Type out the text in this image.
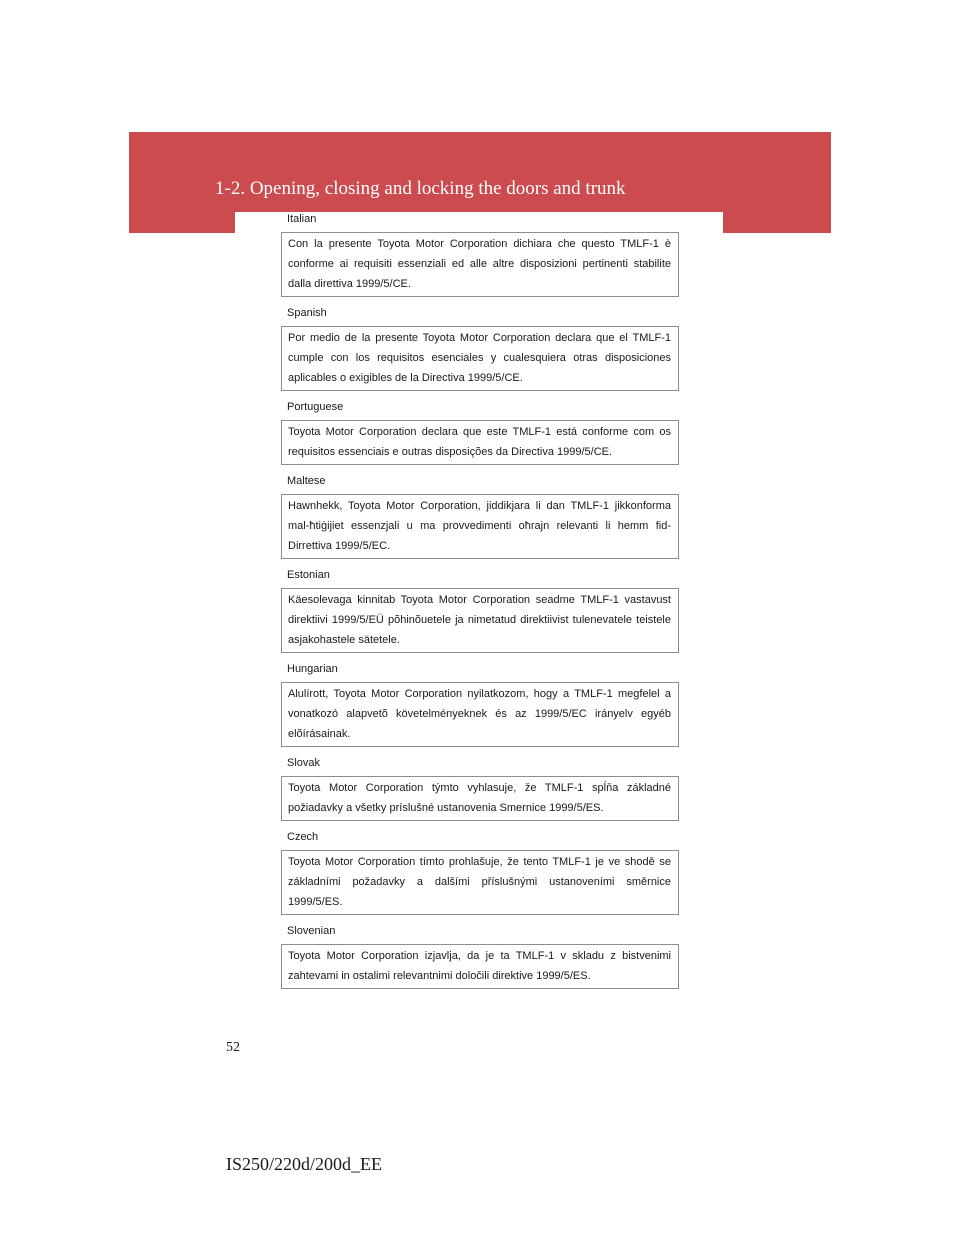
1-2. Opening, closing and locking the doors and trunk
Italian
Con la presente Toyota Motor Corporation dichiara che questo TMLF-1 è conforme ai requisiti essenziali ed alle altre disposizioni pertinenti stabilite dalla direttiva 1999/5/CE.
Spanish
Por medio de la presente Toyota Motor Corporation declara que el TMLF-1 cumple con los requisitos esenciales y cualesquiera otras disposiciones aplicables o exigibles de la Directiva 1999/5/CE.
Portuguese
Toyota Motor Corporation declara que este TMLF-1 está conforme com os requisitos essenciais e outras disposições da Directiva 1999/5/CE.
Maltese
Hawnhekk, Toyota Motor Corporation, jiddikjara li dan TMLF-1 jikkonforma mal-ħtiġijiet essenzjali u ma provvedimenti oħrajn relevanti li hemm fid-Dirrettiva 1999/5/EC.
Estonian
Käesolevaga kinnitab Toyota Motor Corporation seadme TMLF-1 vastavust direktiivi 1999/5/EÜ põhinõuetele ja nimetatud direktiivist tulenevatele teistele asjakohastele sätetele.
Hungarian
Alulírott, Toyota Motor Corporation nyilatkozom, hogy a TMLF-1 megfelel a vonatkozó alapvetõ követelményeknek és az 1999/5/EC irányelv egyéb elõírásainak.
Slovak
Toyota Motor Corporation týmto vyhlasuje, že TMLF-1 spĺňa základné požiadavky a všetky príslušné ustanovenia Smernice 1999/5/ES.
Czech
Toyota Motor Corporation tímto prohlašuje, že tento TMLF-1 je ve shodě se základními požadavky a dalšími příslušnými ustanoveními směrnice 1999/5/ES.
Slovenian
Toyota Motor Corporation izjavlja, da je ta TMLF-1 v skladu z bistvenimi zahtevami in ostalimi relevantnimi določili direktive 1999/5/ES.
52
IS250/220d/200d_EE
